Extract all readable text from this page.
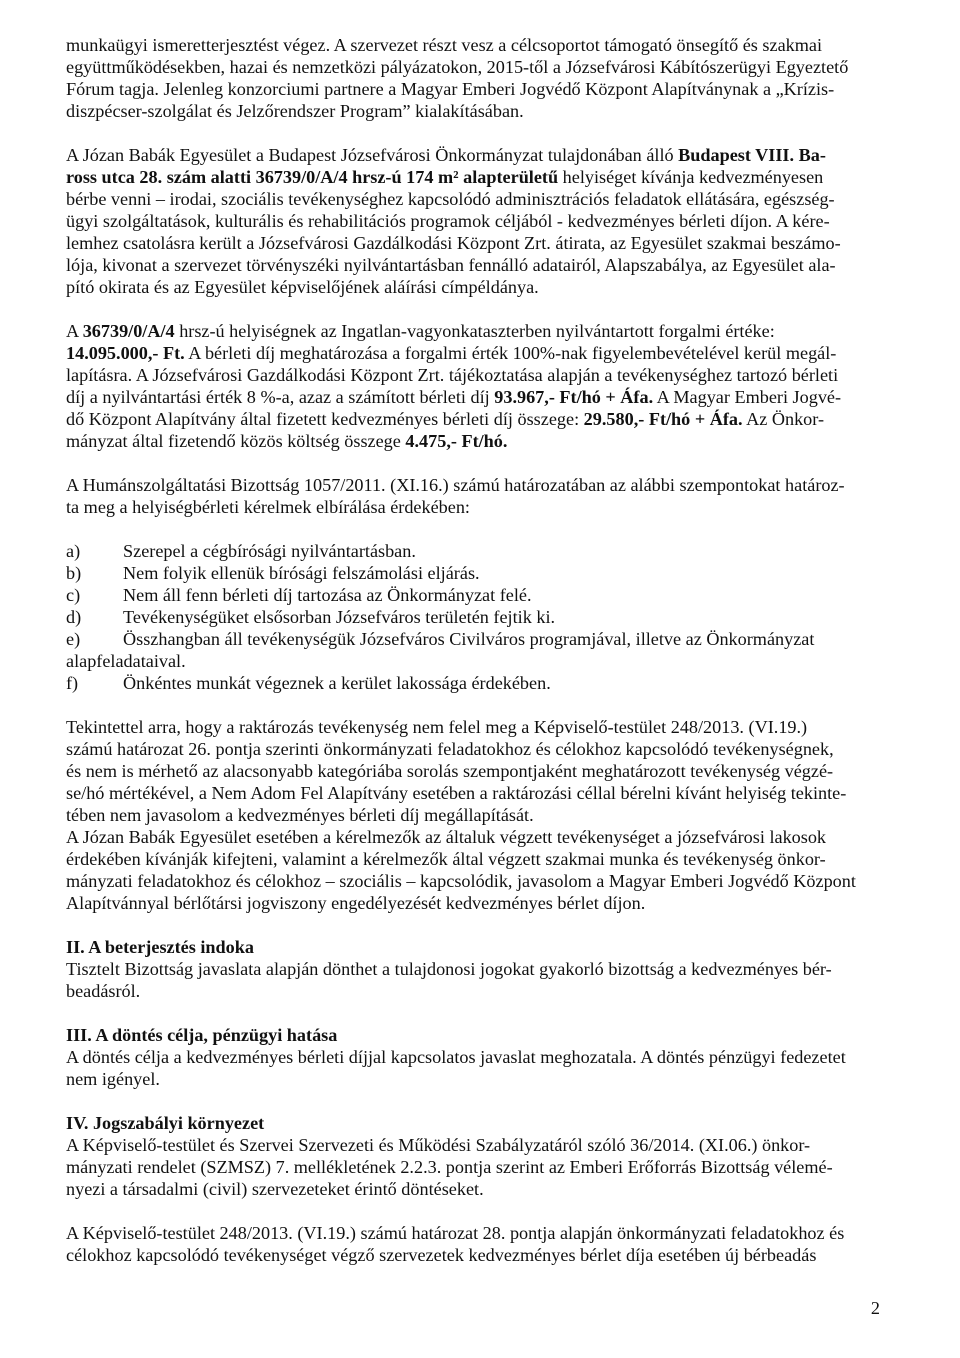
munkaügyi ismeretterjesztést végez. A szervezet részt vesz a célcsoportot támogató önsegítő és szakmai
együttműködésekben, hazai és nemzetközi pályázatokon, 2015-től a Józsefvárosi Kábítószerügyi Egyeztető
Fórum tagja. Jelenleg konzorciumi partnere a Magyar Emberi Jogvédő Központ Alapítványnak a „Krízis-
diszpécser-szolgálat és Jelzőrendszer Program” kialakításában.

A Józan Babák Egyesület a Budapest Józsefvárosi Önkormányzat tulajdonában álló Budapest VIII. Ba-
ross utca 28. szám alatti 36739/0/A/4 hrsz-ú 174 m² alapterületű helyiséget kívánja kedvezményesen
bérbe venni – irodai, szociális tevékenységhez kapcsolódó adminisztrációs feladatok ellátására, egészség-
ügyi szolgáltatások, kulturális és rehabilitációs programok céljából - kedvezményes bérleti díjon. A kére-
lemhez csatolásra került a Józsefvárosi Gazdálkodási Központ Zrt. átirata, az Egyesület szakmai beszámo-
lója, kivonat a szervezet törvényszéki nyilvántartásban fennálló adatairól, Alapszabálya, az Egyesület ala-
pító okirata és az Egyesület képviselőjének aláírási címpéldánya.

A 36739/0/A/4 hrsz-ú helyiségnek az Ingatlan-vagyonkataszterben nyilvántartott forgalmi értéke:
14.095.000,- Ft. A bérleti díj meghatározása a forgalmi érték 100%-nak figyelembevételével kerül megál-
lapításra. A Józsefvárosi Gazdálkodási Központ Zrt. tájékoztatása alapján a tevékenységhez tartozó bérleti
díj a nyilvántartási érték 8 %-a, azaz a számított bérleti díj 93.967,- Ft/hó + Áfa. A Magyar Emberi Jogvé-
dő Központ Alapítvány által fizetett kedvezményes bérleti díj összege: 29.580,- Ft/hó + Áfa. Az Önkor-
mányzat által fizetendő közös költség összege 4.475,- Ft/hó.

A Humánszolgáltatási Bizottság 1057/2011. (XI.16.) számú határozatában az alábbi szempontokat határoz-
ta meg a helyiségbérleti kérelmek elbírálása érdekében:

a)	Szerepel a cégbírósági nyilvántartásban.
b)	Nem folyik ellenük bírósági felszámolási eljárás.
c)	Nem áll fenn bérleti díj tartozása az Önkormányzat felé.
d)	Tevékenységüket elsősorban Józsefváros területén fejtik ki.
e)	Összhangban áll tevékenységük Józsefváros Civilváros programjával, illetve az Önkormányzat
alapfeladataival.
f)	Önkéntes munkát végeznek a kerület lakossága érdekében.

Tekintettel arra, hogy a raktározás tevékenység nem felel meg a Képviselő-testület 248/2013. (VI.19.)
számú határozat 26. pontja szerinti önkormányzati feladatokhoz és célokhoz kapcsolódó tevékenységnek,
és nem is mérhető az alacsonyabb kategóriába sorolás szempontjaként meghatározott tevékenység végzé-
se/hó mértékével, a Nem Adom Fel Alapítvány esetében a raktározási céllal bérelni kívánt helyiség tekinte-
tében nem javasolom a kedvezményes bérleti díj megállapítását.

A Józan Babák Egyesület esetében a kérelmezők az általuk végzett tevékenységet a józsefvárosi lakosok
érdekében kívánják kifejteni, valamint a kérelmezők által végzett szakmai munka és tevékenység önkor-
mányzati feladatokhoz és célokhoz – szociális – kapcsolódik, javasolom a Magyar Emberi Jogvédő Központ
Alapítvánnyal bérlőtársi jogviszony engedélyezését kedvezményes bérlet díjon.

II. A beterjesztés indoka

Tisztelt Bizottság javaslata alapján dönthet a tulajdonosi jogokat gyakorló bizottság a kedvezményes bér-
beadásról.

III. A döntés célja, pénzügyi hatása

A döntés célja a kedvezményes bérleti díjjal kapcsolatos javaslat meghozatala. A döntés pénzügyi fedezetet
nem igényel.

IV. Jogszabályi környezet

A Képviselő-testület és Szervei Szervezeti és Működési Szabályzatáról szóló 36/2014. (XI.06.) önkor-
mányzati rendelet (SZMSZ) 7. mellékletének 2.2.3. pontja szerint az Emberi Erőforrás Bizottság vélemé-
nyezi a társadalmi (civil) szervezeteket érintő döntéseket.

A Képviselő-testület 248/2013. (VI.19.) számú határozat 28. pontja alapján önkormányzati feladatokhoz és
célokhoz kapcsolódó tevékenységet végző szervezetek kedvezményes bérlet díja esetében új bérbeadás

2
